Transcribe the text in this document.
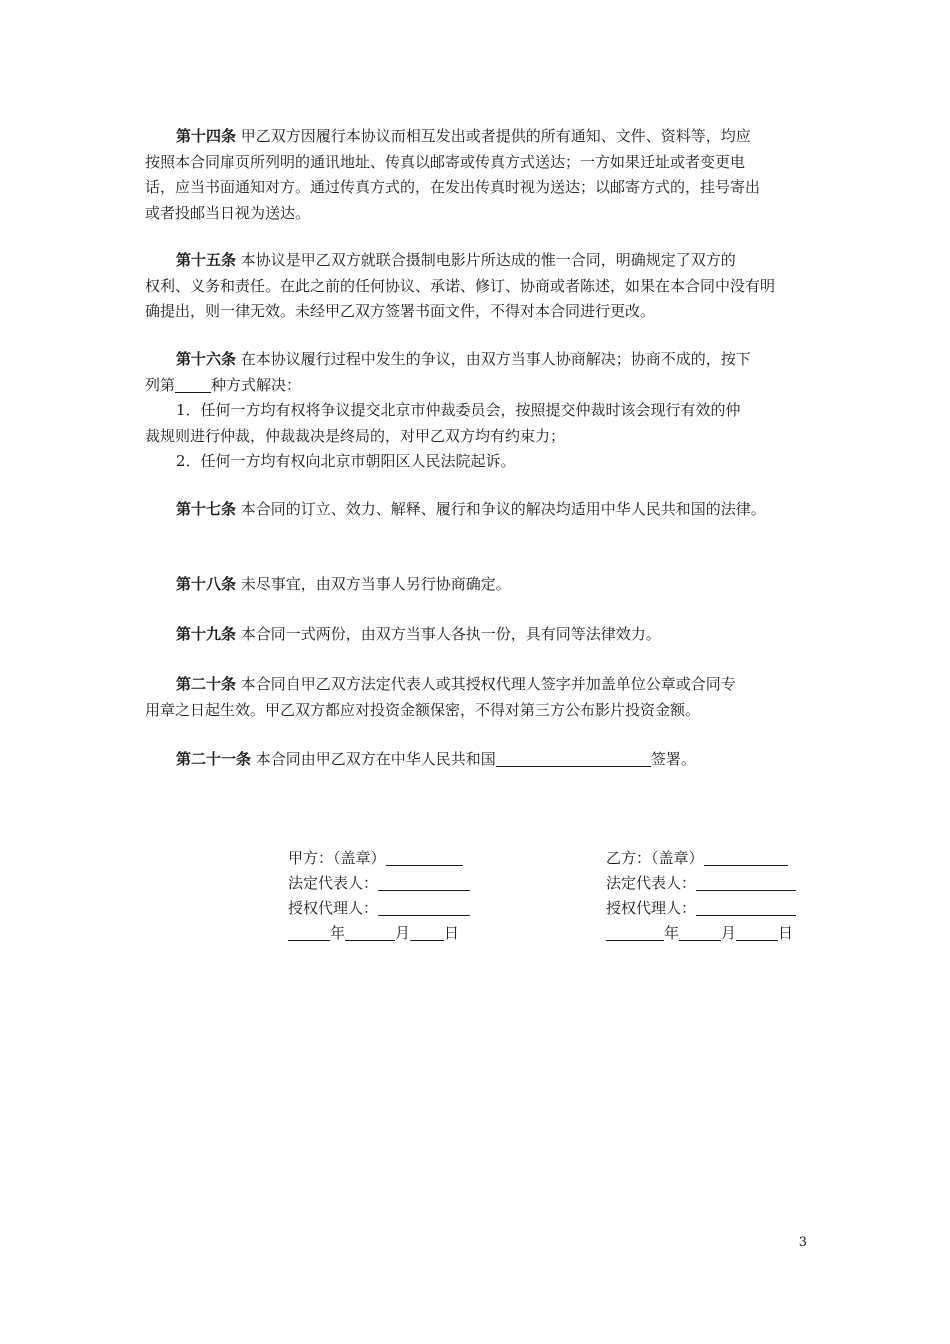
第十四条 甲乙双方因履行本协议而相互发出或者提供的所有通知、文件、资料等，均应
按照本合同扉页所列明的通讯地址、传真以邮寄或传真方式送达；一方如果迁址或者变更电
话，应当书面通知对方。通过传真方式的，在发出传真时视为送达；以邮寄方式的，挂号寄出
或者投邮当日视为送达。
第十五条 本协议是甲乙双方就联合摄制电影片所达成的惟一合同，明确规定了双方的
权利、义务和责任。在此之前的任何协议、承诺、修订、协商或者陈述，如果在本合同中没有明
确提出，则一律无效。未经甲乙双方签署书面文件，不得对本合同进行更改。
第十六条 在本协议履行过程中发生的争议，由双方当事人协商解决；协商不成的，按下
列第 种方式解决：
1．任何一方均有权将争议提交北京市仲裁委员会，按照提交仲裁时该会现行有效的仲
裁规则进行仲裁，仲裁裁决是终局的，对甲乙双方均有约束力；
2．任何一方均有权向北京市朝阳区人民法院起诉。
第十七条 本合同的订立、效力、解释、履行和争议的解决均适用中华人民共和国的法律。
第十八条 未尽事宜，由双方当事人另行协商确定。
第十九条 本合同一式两份，由双方当事人各执一份，具有同等法律效力。
第二十条 本合同自甲乙双方法定代表人或其授权代理人签字并加盖单位公章或合同专
用章之日起生效。甲乙双方都应对投资金额保密，不得对第三方公布影片投资金额。
第二十一条 本合同由甲乙双方在中华人民共和国	签署。
甲方：（盖章）
法定代表人：
授权代理人：
年	月 日
乙方：（盖章）
法定代表人：
授权代理人：
年	月	日
3
